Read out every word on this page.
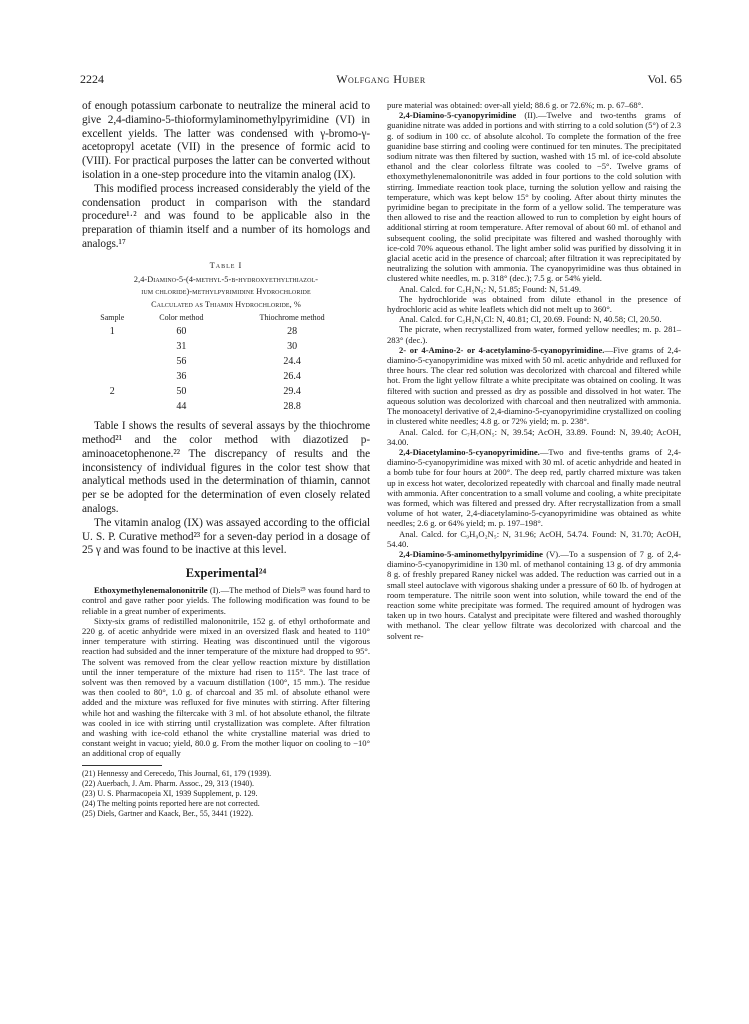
2224	Wolfgang Huber	Vol. 65

of enough potassium carbonate to neutralize the mineral acid to give 2,4-diamino-5-thioformylaminomethylpyrimidine (VI) in excellent yields. The latter was condensed with γ-bromo-γ-acetopropyl acetate (VII) in the presence of formic acid to (VIII). For practical purposes the latter can be converted without isolation in a one-step procedure into the vitamin analog (IX).

This modified process increased considerably the yield of the condensation product in comparison with the standard procedure¹·² and was found to be applicable also in the preparation of thiamin itself and a number of its homologs and analogs.¹⁷

Table I
2,4-Diamino-5-(4-methyl-5-β-hydroxyethylthiazol-
ium chloride)-methylpyrimidine Hydrochloride
Calculated as Thiamin Hydrochloride, %
Sample	Color method	Thiochrome method
1	60	28
	31	30
	56	24.4
	36	26.4
2	50	29.4
	44	28.8

Table I shows the results of several assays by the thiochrome method²¹ and the color method with diazotized p-aminoacetophenone.²² The discrepancy of results and the inconsistency of individual figures in the color test show that analytical methods used in the determination of thiamin, cannot per se be adopted for the determination of even closely related analogs.

The vitamin analog (IX) was assayed according to the official U. S. P. Curative method²³ for a seven-day period in a dosage of 25 γ and was found to be inactive at this level.

Experimental²⁴

Ethoxymethylenemalononitrile (I).—The method of Diels²⁵ was found hard to control and gave rather poor yields. The following modification was found to be reliable in a great number of experiments.

Sixty-six grams of redistilled malononitrile, 152 g. of ethyl orthoformate and 220 g. of acetic anhydride were mixed in an oversized flask and heated to 110° inner temperature with stirring. Heating was discontinued until the vigorous reaction had subsided and the inner temperature of the mixture had dropped to 95°. The solvent was removed from the clear yellow reaction mixture by distillation until the inner temperature of the mixture had risen to 115°. The last trace of solvent was then removed by a vacuum distillation (100°, 15 mm.). The residue was then cooled to 80°, 1.0 g. of charcoal and 35 ml. of absolute ethanol were added and the mixture was refluxed for five minutes with stirring. After filtering while hot and washing the filtercake with 3 ml. of hot absolute ethanol, the filtrate was cooled in ice with stirring until crystallization was complete. After filtration and washing with ice-cold ethanol the white crystalline material was dried to constant weight in vacuo; yield, 80.0 g. From the mother liquor on cooling to −10° an additional crop of equally

(21) Hennessy and Cerecedo, This Journal, 61, 179 (1939).

(22) Auerbach, J. Am. Pharm. Assoc., 29, 313 (1940).

(23) U. S. Pharmacopeia XI, 1939 Supplement, p. 129.

(24) The melting points reported here are not corrected.

(25) Diels, Gartner and Kaack, Ber., 55, 3441 (1922).

pure material was obtained: over-all yield; 88.6 g. or 72.6%; m. p. 67–68°.

2,4-Diamino-5-cyanopyrimidine (II).—Twelve and two-tenths grams of guanidine nitrate was added in portions and with stirring to a cold solution (5°) of 2.3 g. of sodium in 100 cc. of absolute alcohol. To complete the formation of the free guanidine base stirring and cooling were continued for ten minutes. The precipitated sodium nitrate was then filtered by suction, washed with 15 ml. of ice-cold absolute ethanol and the clear colorless filtrate was cooled to −5°. Twelve grams of ethoxymethylenemalononitrile was added in four portions to the cold solution with stirring. Immediate reaction took place, turning the solution yellow and raising the temperature, which was kept below 15° by cooling. After about thirty minutes the pyrimidine began to precipitate in the form of a yellow solid. The temperature was then allowed to rise and the reaction allowed to run to completion by eight hours of additional stirring at room temperature. After removal of about 60 ml. of ethanol and subsequent cooling, the solid precipitate was filtered and washed thoroughly with ice-cold 70% aqueous ethanol. The light amber solid was purified by dissolving it in glacial acetic acid in the presence of charcoal; after filtration it was reprecipitated by neutralizing the solution with ammonia. The cyanopyrimidine was thus obtained in clustered white needles, m. p. 318° (dec.); 7.5 g. or 54% yield.

Anal. Calcd. for C₅H₅N₅: N, 51.85; Found: N, 51.49.

The hydrochloride was obtained from dilute ethanol in the presence of hydrochloric acid as white leaflets which did not melt up to 360°.

Anal. Calcd. for C₅H₅N₅Cl: N, 40.81; Cl, 20.69. Found: N, 40.58; Cl, 20.50.

The picrate, when recrystallized from water, formed yellow needles; m. p. 281–283° (dec.).

2- or 4-Amino-2- or 4-acetylamino-5-cyanopyrimidine.—Five grams of 2,4-diamino-5-cyanopyrimidine was mixed with 50 ml. acetic anhydride and refluxed for three hours. The clear red solution was decolorized with charcoal and filtered while hot. From the light yellow filtrate a white precipitate was obtained on cooling. It was filtered with suction and pressed as dry as possible and dissolved in hot water. The aqueous solution was decolorized with charcoal and then neutralized with ammonia. The monoacetyl derivative of 2,4-diamino-5-cyanopyrimidine crystallized on cooling in clustered white needles; 4.8 g. or 72% yield; m. p. 238°.

Anal. Calcd. for C₇H₇ON₅: N, 39.54; AcOH, 33.89. Found: N, 39.40; AcOH, 34.00.

2,4-Diacetylamino-5-cyanopyrimidine.—Two and five-tenths grams of 2,4-diamino-5-cyanopyrimidine was mixed with 30 ml. of acetic anhydride and heated in a bomb tube for four hours at 200°. The deep red, partly charred mixture was taken up in excess hot water, decolorized repeatedly with charcoal and finally made neutral with ammonia. After concentration to a small volume and cooling, a white precipitate was formed, which was filtered and pressed dry. After recrystallization from a small volume of hot water, 2,4-diacetylamino-5-cyanopyrimidine was obtained as white needles; 2.6 g. or 64% yield; m. p. 197–198°.

Anal. Calcd. for C₉H₉O₂N₅: N, 31.96; AcOH, 54.74. Found: N, 31.70; AcOH, 54.40.

2,4-Diamino-5-aminomethylpyrimidine (V).—To a suspension of 7 g. of 2,4-diamino-5-cyanopyrimidine in 130 ml. of methanol containing 13 g. of dry ammonia 8 g. of freshly prepared Raney nickel was added. The reduction was carried out in a small steel autoclave with vigorous shaking under a pressure of 60 lb. of hydrogen at room temperature. The nitrile soon went into solution, while toward the end of the reaction some white precipitate was formed. The required amount of hydrogen was taken up in two hours. Catalyst and precipitate were filtered and washed thoroughly with methanol. The clear yellow filtrate was decolorized with charcoal and the solvent re-
